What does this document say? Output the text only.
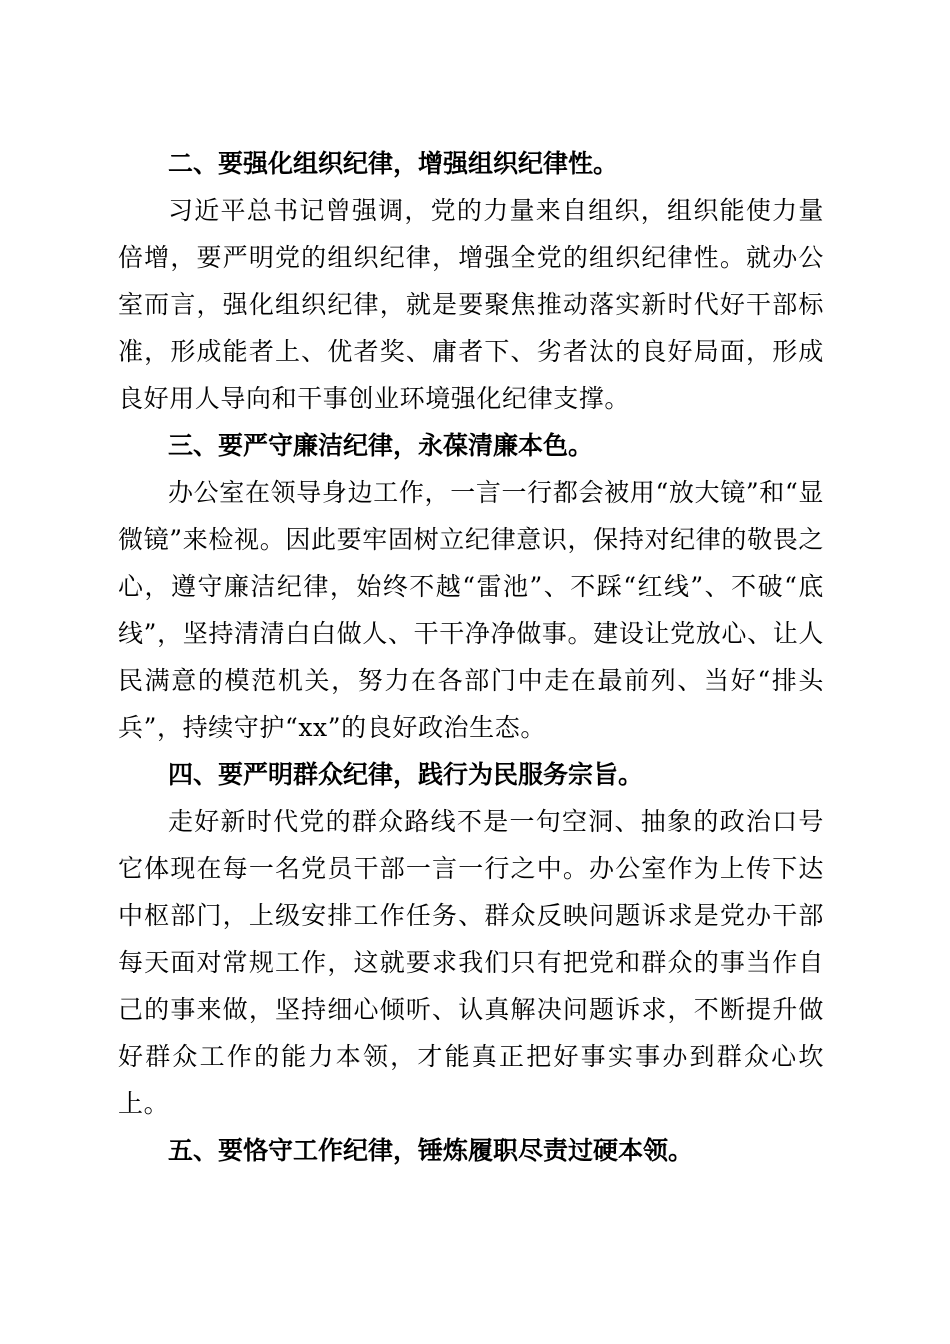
二、要强化组织纪律，增强组织纪律性。

习近平总书记曾强调，党的力量来自组织，组织能使力量倍增，要严明党的组织纪律，增强全党的组织纪律性。就办公室而言，强化组织纪律，就是要聚焦推动落实新时代好干部标准，形成能者上、优者奖、庸者下、劣者汰的良好局面，形成良好用人导向和干事创业环境强化纪律支撑。

三、要严守廉洁纪律，永葆清廉本色。

办公室在领导身边工作，一言一行都会被用“放大镜”和“显微镜”来检视。因此要牢固树立纪律意识，保持对纪律的敬畏之心，遵守廉洁纪律，始终不越“雷池”、不踩“红线”、不破“底线”，坚持清清白白做人、干干净净做事。建设让党放心、让人民满意的模范机关，努力在各部门中走在最前列、当好“排头兵”，持续守护“xx”的良好政治生态。

四、要严明群众纪律，践行为民服务宗旨。

走好新时代党的群众路线不是一句空洞、抽象的政治口号它体现在每一名党员干部一言一行之中。办公室作为上传下达中枢部门，上级安排工作任务、群众反映问题诉求是党办干部每天面对常规工作，这就要求我们只有把党和群众的事当作自己的事来做，坚持细心倾听、认真解决问题诉求，不断提升做好群众工作的能力本领，才能真正把好事实事办到群众心坎上。

五、要恪守工作纪律，锤炼履职尽责过硬本领。
